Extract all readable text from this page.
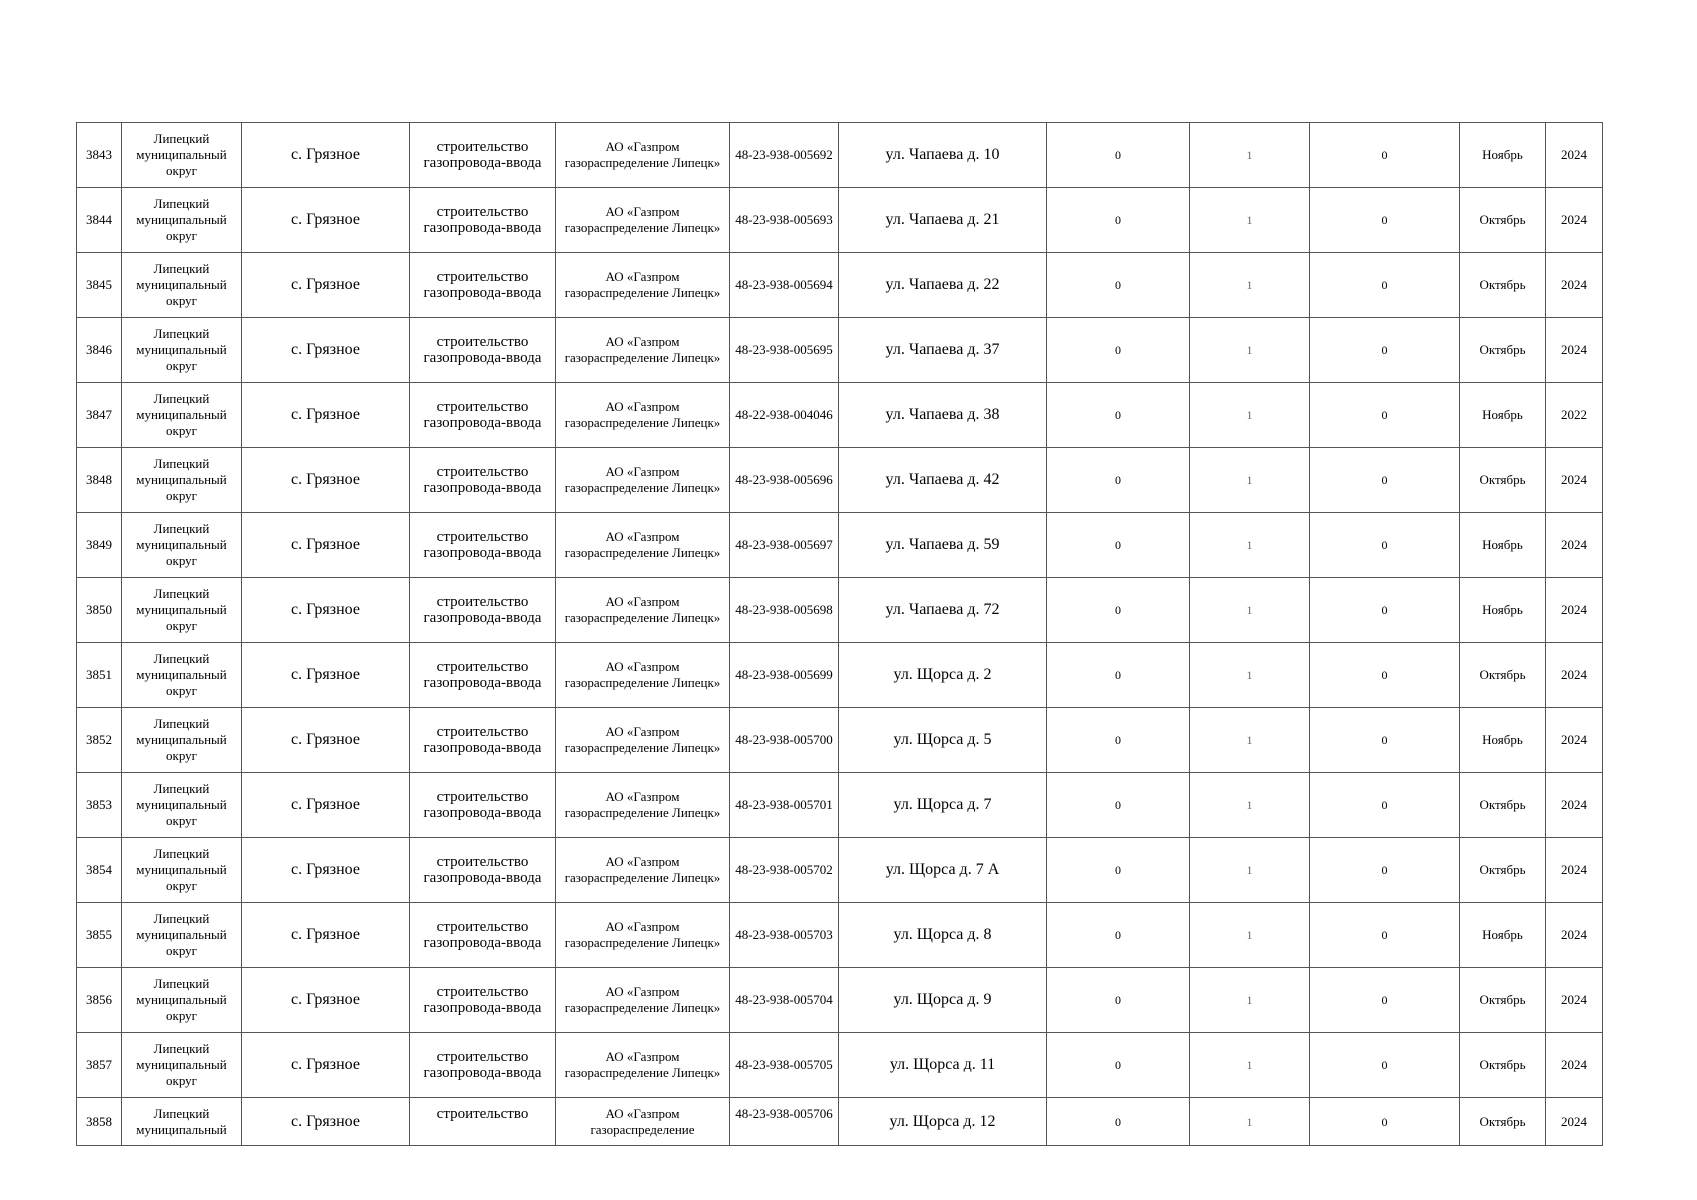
3843	Липецкий муниципальный округ	с. Грязное	строительство газопровода-ввода	АО «Газпром газораспределение Липецк»	48-23-938-005692	ул. Чапаева д. 10	0	1	0	Ноябрь	2024
3844	Липецкий муниципальный округ	с. Грязное	строительство газопровода-ввода	АО «Газпром газораспределение Липецк»	48-23-938-005693	ул. Чапаева д. 21	0	1	0	Октябрь	2024
3845	Липецкий муниципальный округ	с. Грязное	строительство газопровода-ввода	АО «Газпром газораспределение Липецк»	48-23-938-005694	ул. Чапаева д. 22	0	1	0	Октябрь	2024
3846	Липецкий муниципальный округ	с. Грязное	строительство газопровода-ввода	АО «Газпром газораспределение Липецк»	48-23-938-005695	ул. Чапаева д. 37	0	1	0	Октябрь	2024
3847	Липецкий муниципальный округ	с. Грязное	строительство газопровода-ввода	АО «Газпром газораспределение Липецк»	48-22-938-004046	ул. Чапаева д. 38	0	1	0	Ноябрь	2022
3848	Липецкий муниципальный округ	с. Грязное	строительство газопровода-ввода	АО «Газпром газораспределение Липецк»	48-23-938-005696	ул. Чапаева д. 42	0	1	0	Октябрь	2024
3849	Липецкий муниципальный округ	с. Грязное	строительство газопровода-ввода	АО «Газпром газораспределение Липецк»	48-23-938-005697	ул. Чапаева д. 59	0	1	0	Ноябрь	2024
3850	Липецкий муниципальный округ	с. Грязное	строительство газопровода-ввода	АО «Газпром газораспределение Липецк»	48-23-938-005698	ул. Чапаева д. 72	0	1	0	Ноябрь	2024
3851	Липецкий муниципальный округ	с. Грязное	строительство газопровода-ввода	АО «Газпром газораспределение Липецк»	48-23-938-005699	ул. Щорса д. 2	0	1	0	Октябрь	2024
3852	Липецкий муниципальный округ	с. Грязное	строительство газопровода-ввода	АО «Газпром газораспределение Липецк»	48-23-938-005700	ул. Щорса д. 5	0	1	0	Ноябрь	2024
3853	Липецкий муниципальный округ	с. Грязное	строительство газопровода-ввода	АО «Газпром газораспределение Липецк»	48-23-938-005701	ул. Щорса д. 7	0	1	0	Октябрь	2024
3854	Липецкий муниципальный округ	с. Грязное	строительство газопровода-ввода	АО «Газпром газораспределение Липецк»	48-23-938-005702	ул. Щорса д. 7 А	0	1	0	Октябрь	2024
3855	Липецкий муниципальный округ	с. Грязное	строительство газопровода-ввода	АО «Газпром газораспределение Липецк»	48-23-938-005703	ул. Щорса д. 8	0	1	0	Ноябрь	2024
3856	Липецкий муниципальный округ	с. Грязное	строительство газопровода-ввода	АО «Газпром газораспределение Липецк»	48-23-938-005704	ул. Щорса д. 9	0	1	0	Октябрь	2024
3857	Липецкий муниципальный округ	с. Грязное	строительство газопровода-ввода	АО «Газпром газораспределение Липецк»	48-23-938-005705	ул. Щорса д. 11	0	1	0	Октябрь	2024
3858	Липецкий муниципальный	с. Грязное	строительство	АО «Газпром газораспределение	48-23-938-005706	ул. Щорса д. 12	0	1	0	Октябрь	2024
